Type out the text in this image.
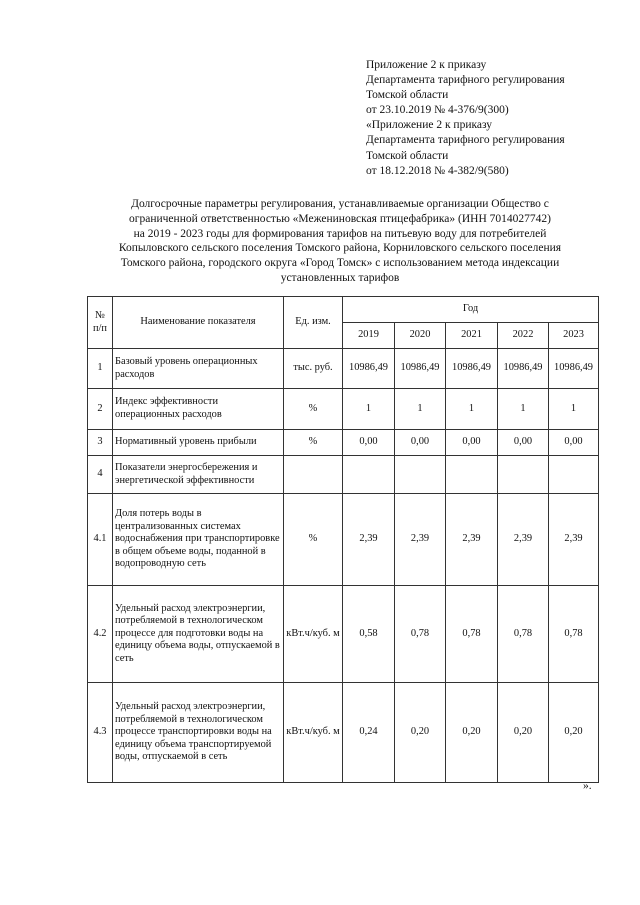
Приложение 2 к приказу
Департамента тарифного регулирования
Томской области
от 23.10.2019 № 4-376/9(300)
«Приложение 2 к приказу
Департамента тарифного регулирования
Томской области
от 18.12.2018 № 4-382/9(580)
Долгосрочные параметры регулирования, устанавливаемые организации Общество с
ограниченной ответственностью «Межениновская птицефабрика» (ИНН 7014027742)
на 2019 - 2023 годы для формирования тарифов на питьевую воду для потребителей
Копыловского сельского поселения Томского района, Корниловского сельского поселения
Томского района, городского округа «Город Томск» с использованием метода индексации
установленных тарифов
№ п/п	Наименование показателя	Ед. изм.	Год				
			2019	2020	2021	2022	2023
1	Базовый уровень операционных расходов	тыс. руб.	10986,49	10986,49	10986,49	10986,49	10986,49
2	Индекс эффективности операционных расходов	%	1	1	1	1	1
3	Нормативный уровень прибыли	%	0,00	0,00	0,00	0,00	0,00
4	Показатели энергосбережения и энергетической эффективности						
4.1	Доля потерь воды в централизованных системах водоснабжения при транспортировке в общем объеме воды, поданной в водопроводную сеть	%	2,39	2,39	2,39	2,39	2,39
4.2	Удельный расход электроэнергии, потребляемой в технологическом процессе для подготовки воды на единицу объема воды, отпускаемой в сеть	кВт.ч/куб. м	0,58	0,78	0,78	0,78	0,78
4.3	Удельный расход электроэнергии, потребляемой в технологическом процессе транспортировки воды на единицу объема транспортируемой воды, отпускаемой в сеть	кВт.ч/куб. м	0,24	0,20	0,20	0,20	0,20
».
